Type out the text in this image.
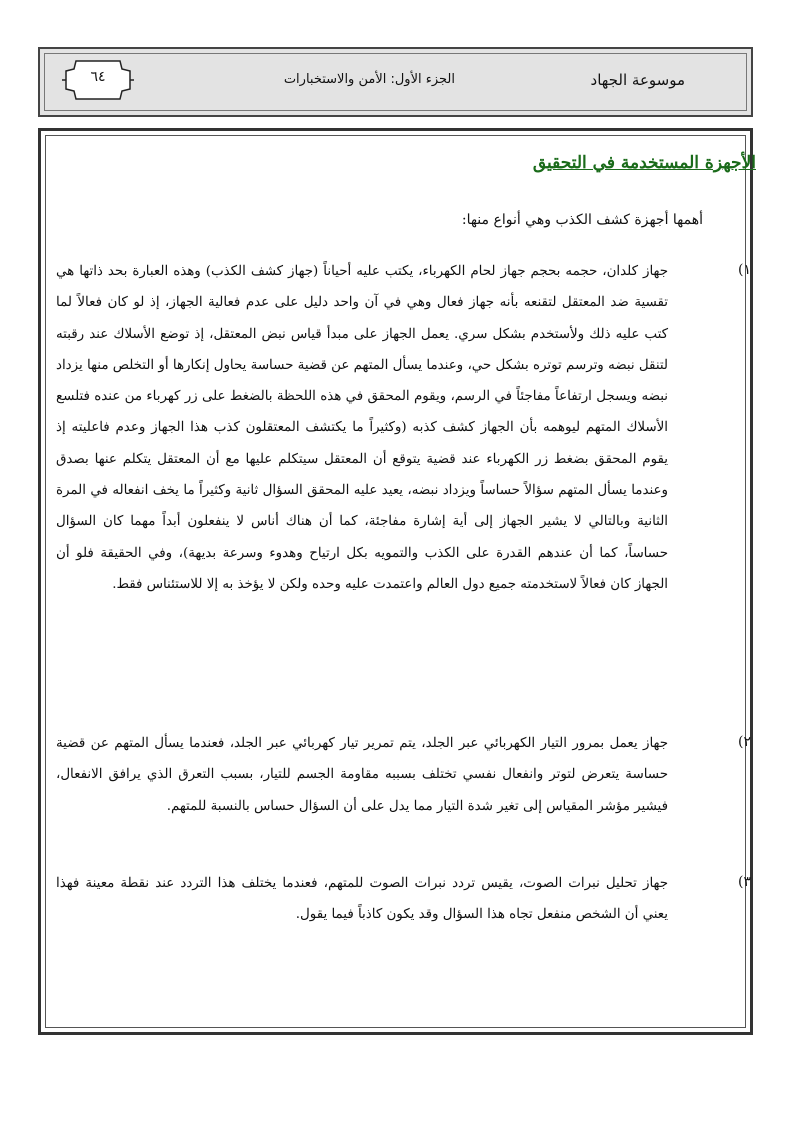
موسوعة الجهاد
الجزء الأول: الأمن والاستخبارات
٦٤
الأجهزة المستخدمة في التحقيق
أهمها أجهزة كشف الكذب وهي أنواع منها:
١)
جهاز كلدان، حجمه بحجم جهاز لحام الكهرباء، يكتب عليه أحياناً (جهاز كشف الكذب) وهذه العبارة بحد ذاتها هي تقسية ضد المعتقل لتقنعه بأنه جهاز فعال وهي في آن واحد دليل على عدم فعالية الجهاز، إذ لو كان فعالاً لما كتب عليه ذلك ولأستخدم بشكل سري. يعمل الجهاز على مبدأ قياس نبض المعتقل، إذ توضع الأسلاك عند رقبته لتنقل نبضه وترسم توتره بشكل حي، وعندما يسأل المتهم عن قضية حساسة يحاول إنكارها أو التخلص منها يزداد نبضه ويسجل ارتفاعاً مفاجئاً في الرسم، ويقوم المحقق في هذه اللحظة بالضغط على زر كهرباء من عنده فتلسع الأسلاك المتهم ليوهمه بأن الجهاز كشف كذبه (وكثيراً ما يكتشف المعتقلون كذب هذا الجهاز وعدم فاعليته إذ يقوم المحقق بضغط زر الكهرباء عند قضية يتوقع أن المعتقل سيتكلم عليها مع أن المعتقل يتكلم عنها بصدق وعندما يسأل المتهم سؤالاً حساساً ويزداد نبضه، يعيد عليه المحقق السؤال ثانية وكثيراً ما يخف انفعاله في المرة الثانية وبالتالي لا يشير الجهاز إلى أية إشارة مفاجئة، كما أن هناك أناس لا ينفعلون أبداً مهما كان السؤال حساساً، كما أن عندهم القدرة على الكذب والتمويه بكل ارتياح وهدوء وسرعة بديهة)، وفي الحقيقة فلو أن الجهاز كان فعالاً لاستخدمته جميع دول العالم واعتمدت عليه وحده ولكن لا يؤخذ به إلا للاستئناس فقط.
٢)
جهاز يعمل بمرور التيار الكهربائي عبر الجلد، يتم تمرير تيار كهربائي عبر الجلد، فعندما يسأل المتهم عن قضية حساسة يتعرض لتوتر وانفعال نفسي تختلف بسببه مقاومة الجسم للتيار، بسبب التعرق الذي يرافق الانفعال، فيشير مؤشر المقياس إلى تغير شدة التيار مما يدل على أن السؤال حساس بالنسبة للمتهم.
٣)
جهاز تحليل نبرات الصوت، يقيس تردد نبرات الصوت للمتهم، فعندما يختلف هذا التردد عند نقطة معينة فهذا يعني أن الشخص منفعل تجاه هذا السؤال وقد يكون كاذباً فيما يقول.
